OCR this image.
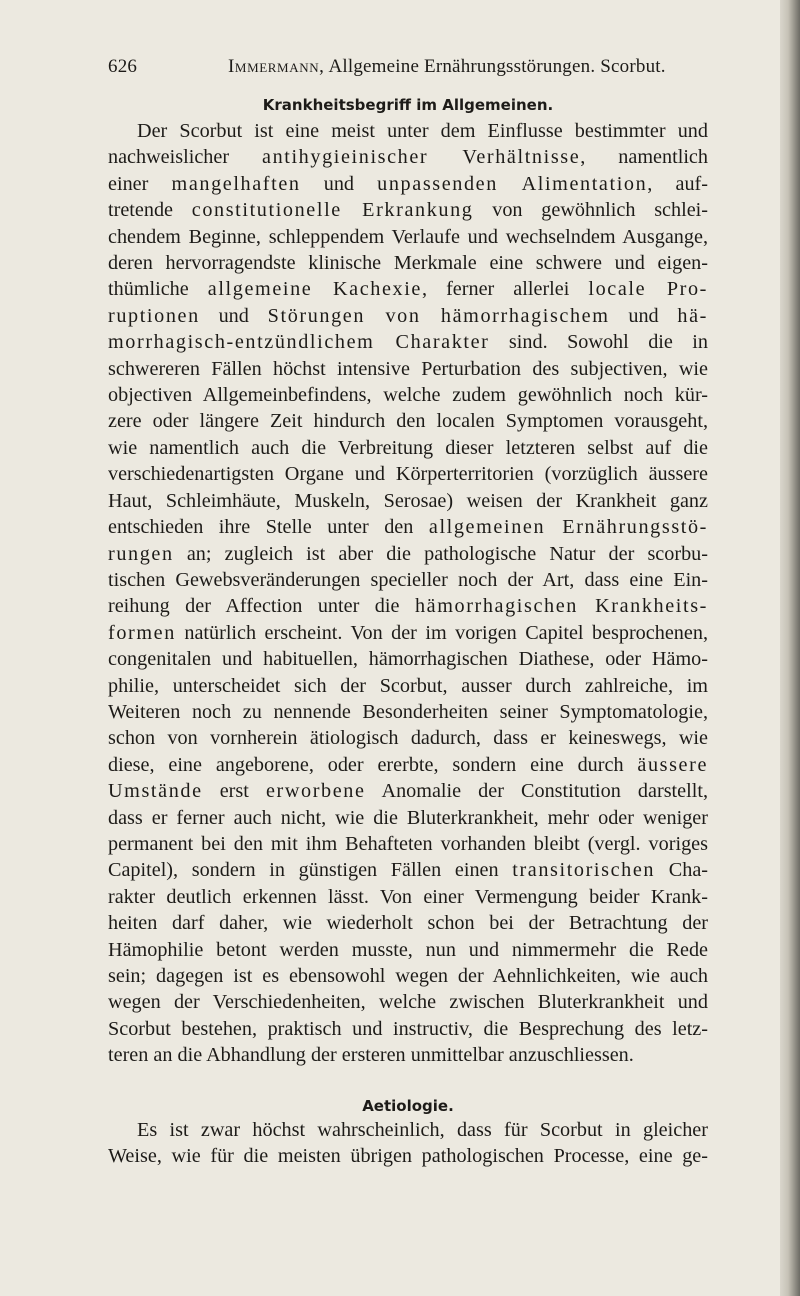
626	Immermann, Allgemeine Ernährungsstörungen. Scorbut.
Krankheitsbegriff im Allgemeinen.
Der Scorbut ist eine meist unter dem Einflusse bestimmter und
nachweislicher antihygieinischer Verhältnisse, namentlich
einer mangelhaften und unpassenden Alimentation, auf-
tretende constitutionelle Erkrankung von gewöhnlich schlei-
chendem Beginne, schleppendem Verlaufe und wechselndem Ausgange,
deren hervorragendste klinische Merkmale eine schwere und eigen-
thümliche allgemeine Kachexie, ferner allerlei locale Pro-
ruptionen und Störungen von hämorrhagischem und hä-
morrhagisch-entzündlichem Charakter sind. Sowohl die in
schwereren Fällen höchst intensive Perturbation des subjectiven, wie
objectiven Allgemeinbefindens, welche zudem gewöhnlich noch kür-
zere oder längere Zeit hindurch den localen Symptomen vorausgeht,
wie namentlich auch die Verbreitung dieser letzteren selbst auf die
verschiedenartigsten Organe und Körperterritorien (vorzüglich äussere
Haut, Schleimhäute, Muskeln, Serosae) weisen der Krankheit ganz
entschieden ihre Stelle unter den allgemeinen Ernährungsstö-
rungen an; zugleich ist aber die pathologische Natur der scorbu-
tischen Gewebsveränderungen specieller noch der Art, dass eine Ein-
reihung der Affection unter die hämorrhagischen Krankheits-
formen natürlich erscheint. Von der im vorigen Capitel besprochenen,
congenitalen und habituellen, hämorrhagischen Diathese, oder Hämo-
philie, unterscheidet sich der Scorbut, ausser durch zahlreiche, im
Weiteren noch zu nennende Besonderheiten seiner Symptomatologie,
schon von vornherein ätiologisch dadurch, dass er keineswegs, wie
diese, eine angeborene, oder ererbte, sondern eine durch äussere
Umstände erst erworbene Anomalie der Constitution darstellt,
dass er ferner auch nicht, wie die Bluterkrankheit, mehr oder weniger
permanent bei den mit ihm Behafteten vorhanden bleibt (vergl. voriges
Capitel), sondern in günstigen Fällen einen transitorischen Cha-
rakter deutlich erkennen lässt. Von einer Vermengung beider Krank-
heiten darf daher, wie wiederholt schon bei der Betrachtung der
Hämophilie betont werden musste, nun und nimmermehr die Rede
sein; dagegen ist es ebensowohl wegen der Aehnlichkeiten, wie auch
wegen der Verschiedenheiten, welche zwischen Bluterkrankheit und
Scorbut bestehen, praktisch und instructiv, die Besprechung des letz-
teren an die Abhandlung der ersteren unmittelbar anzuschliessen.
Aetiologie.
Es ist zwar höchst wahrscheinlich, dass für Scorbut in gleicher
Weise, wie für die meisten übrigen pathologischen Processe, eine ge-
